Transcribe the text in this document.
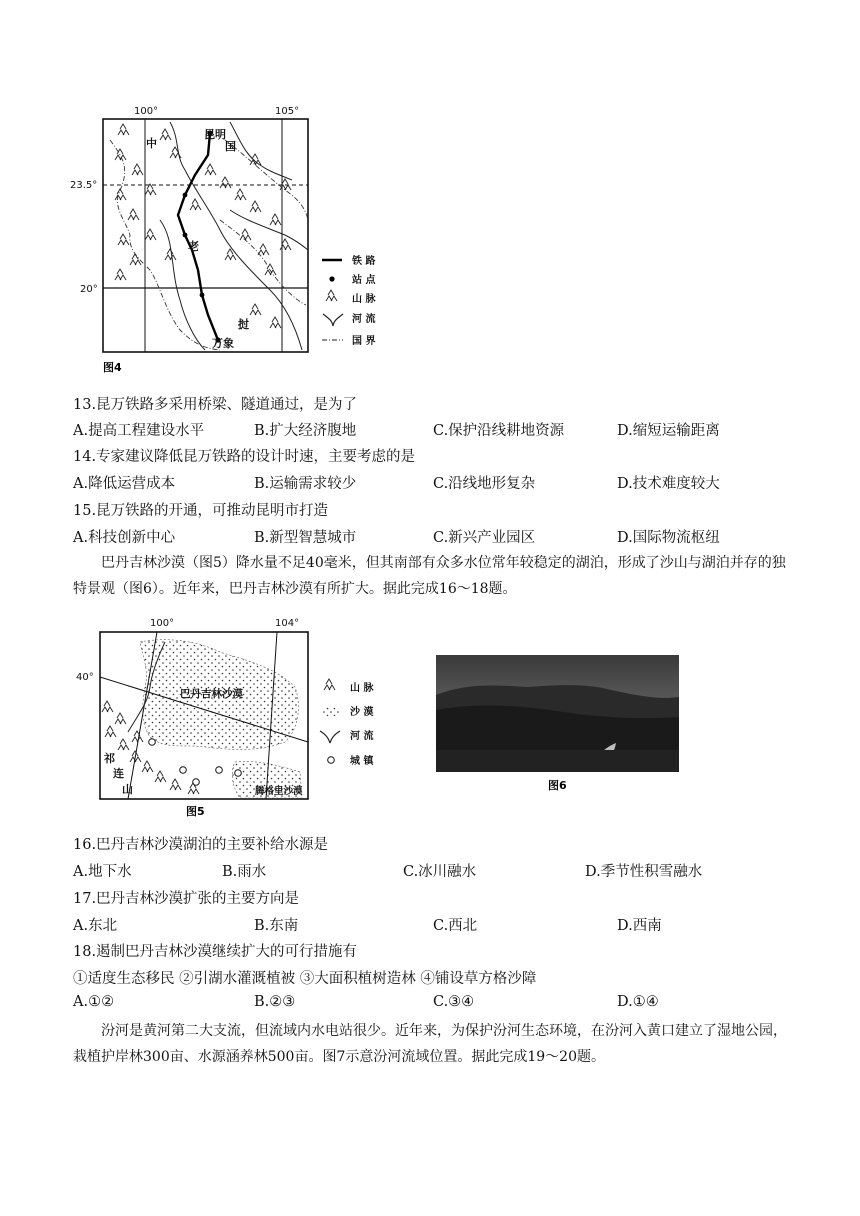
100°	105°
23.5°
20°
中
昆明
国
老
挝
万象
铁 路
站 点
山 脉
河 流
国 界
图4
13.昆万铁路多采用桥梁、隧道通过，是为了
A.提高工程建设水平	B.扩大经济腹地	C.保护沿线耕地资源	D.缩短运输距离
14.专家建议降低昆万铁路的设计时速，主要考虑的是
A.降低运营成本	B.运输需求较少	C.沿线地形复杂	D.技术难度较大
15.昆万铁路的开通，可推动昆明市打造
A.科技创新中心	B.新型智慧城市	C.新兴产业园区	D.国际物流枢纽
巴丹吉林沙漠（图5）降水量不足40毫米，但其南部有众多水位常年较稳定的湖泊，形成了沙山与湖泊并存的独特景观（图6）。近年来，巴丹吉林沙漠有所扩大。据此完成16～18题。
100°	104°
40°
巴丹吉林沙漠
祁
连
山	腾格里沙漠
山 脉
沙 漠
河 流
城 镇
图5
图6
16.巴丹吉林沙漠湖泊的主要补给水源是
A.地下水	B.雨水	C.冰川融水	D.季节性积雪融水
17.巴丹吉林沙漠扩张的主要方向是
A.东北	B.东南	C.西北	D.西南
18.遏制巴丹吉林沙漠继续扩大的可行措施有
①适度生态移民 ②引湖水灌溉植被 ③大面积植树造林 ④铺设草方格沙障
A.①②	B.②③	C.③④	D.①④
汾河是黄河第二大支流，但流域内水电站很少。近年来，为保护汾河生态环境，在汾河入黄口建立了湿地公园，栽植护岸林300亩、水源涵养林500亩。图7示意汾河流域位置。据此完成19～20题。
